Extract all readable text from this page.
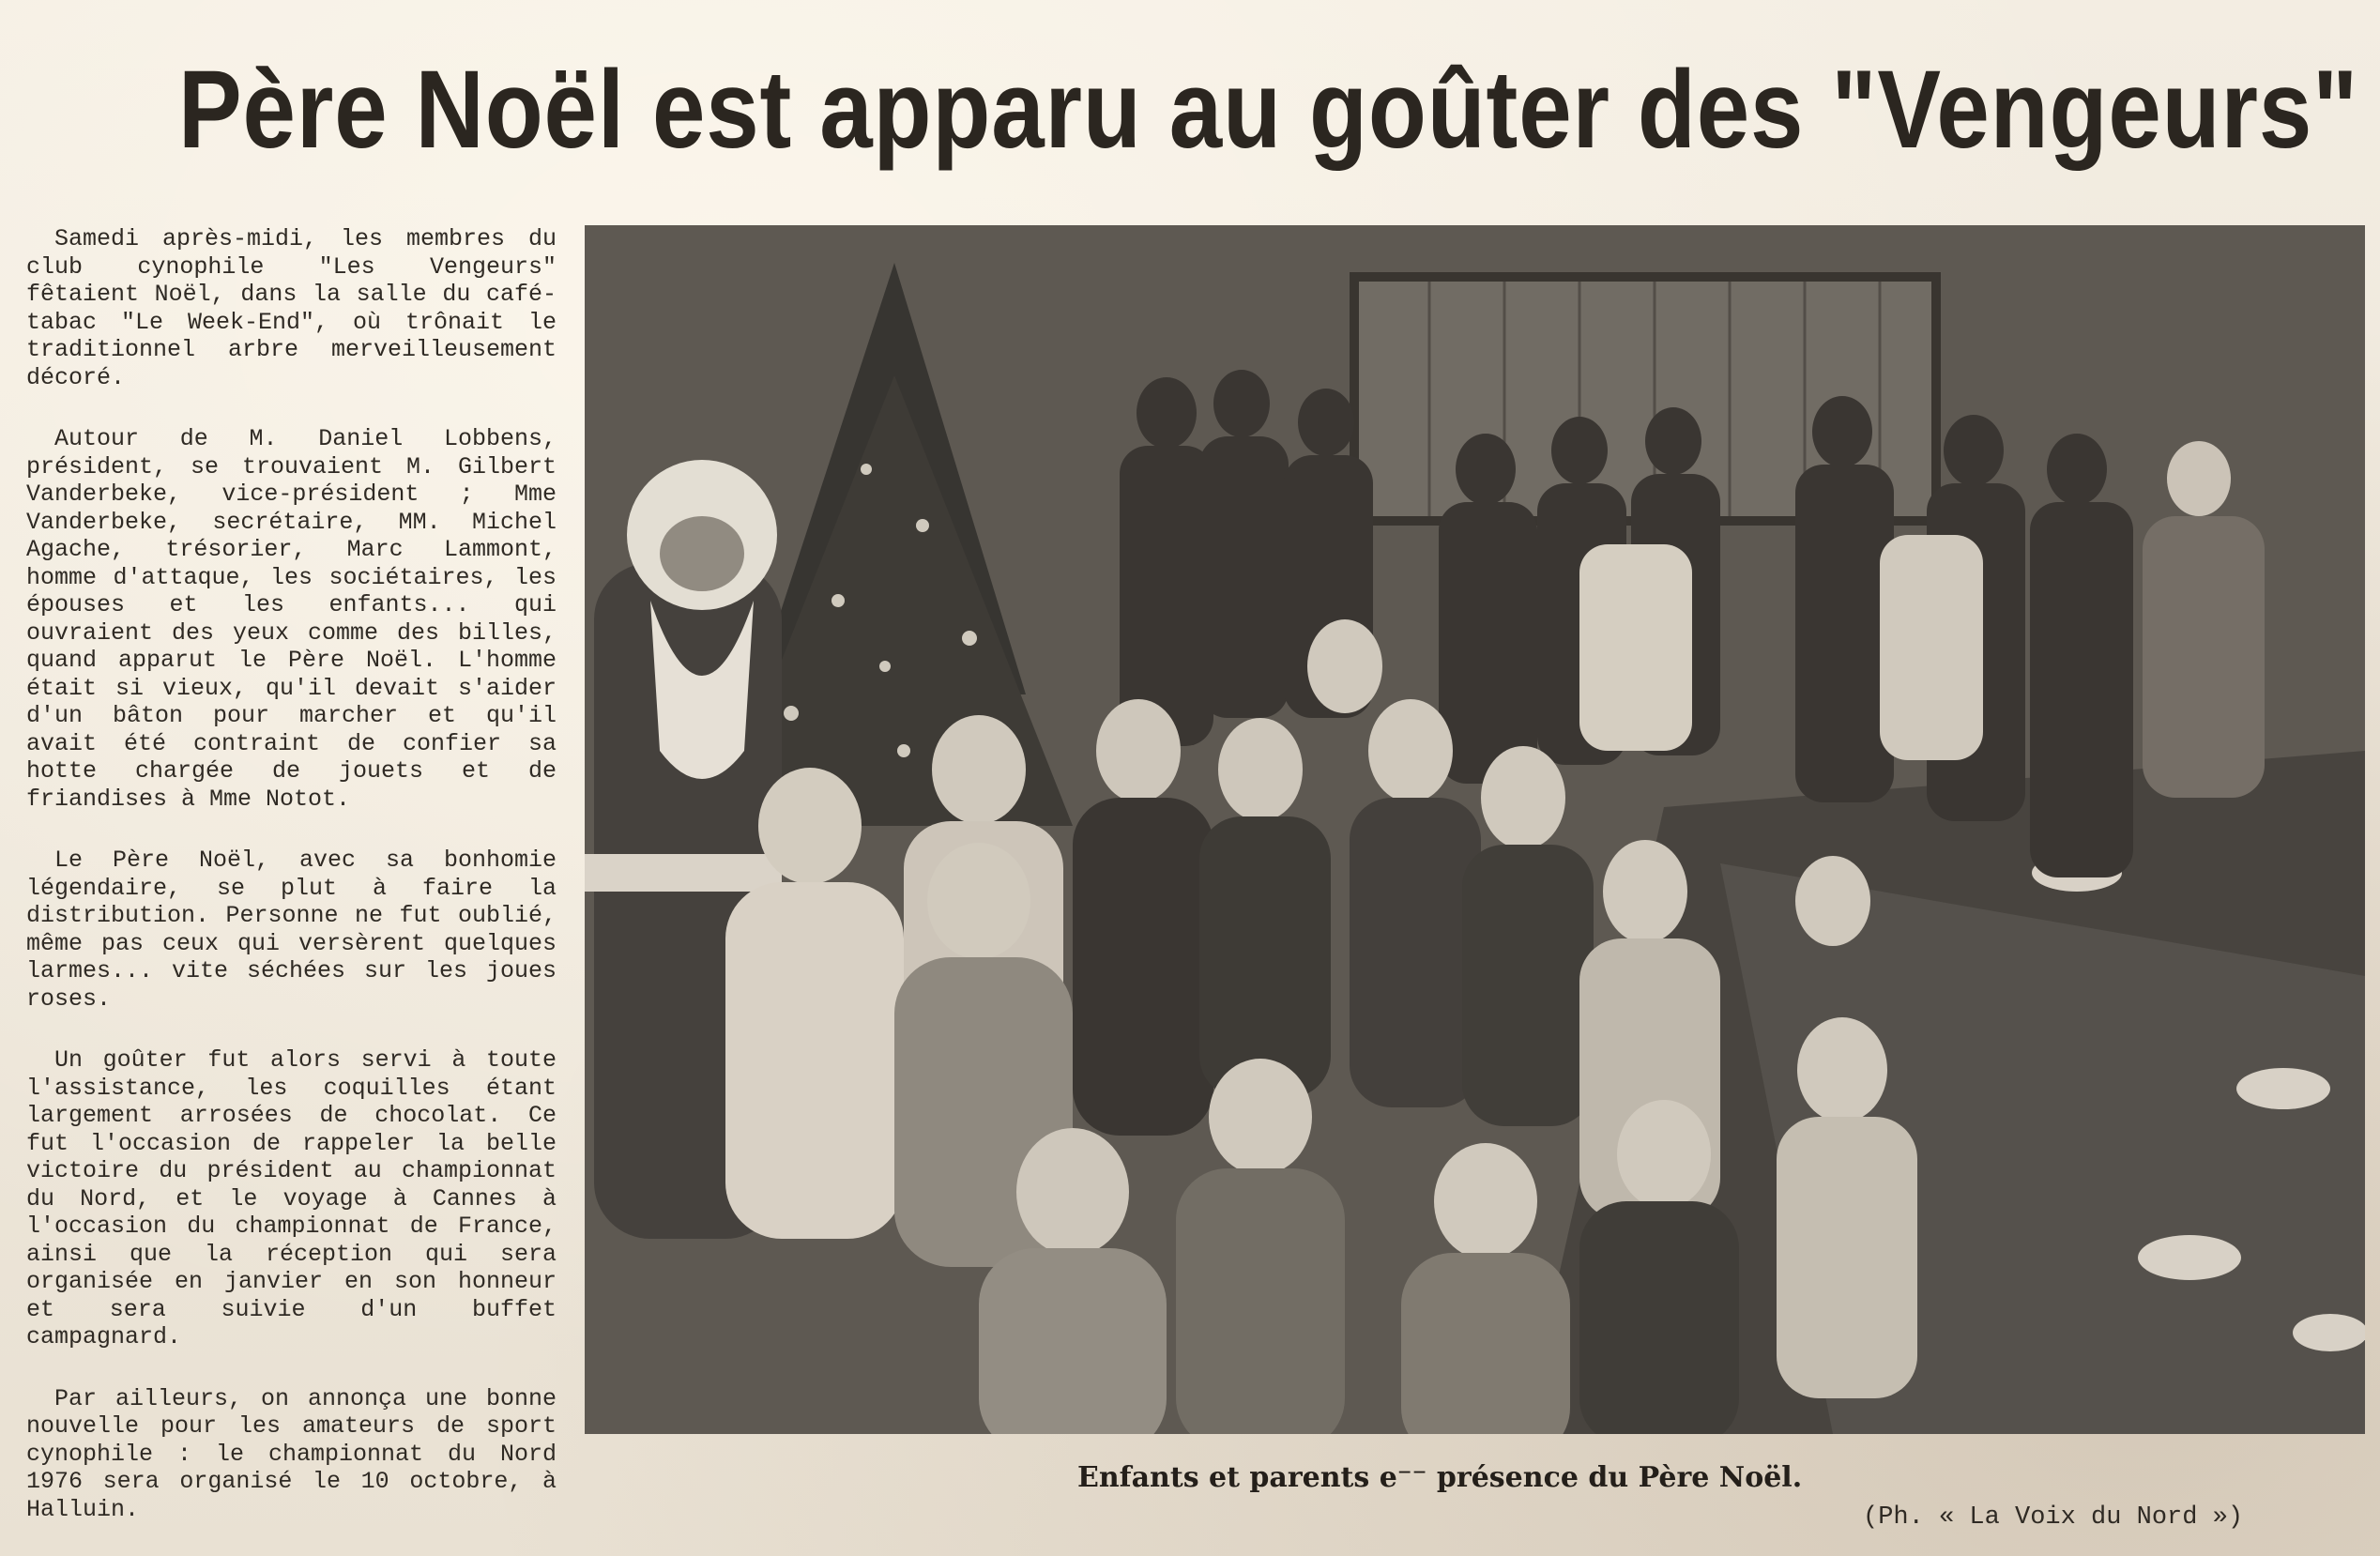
Père Noël est apparu au goûter des "Vengeurs"

Samedi après-midi, les membres du club cynophile "Les Vengeurs" fêtaient Noël, dans la salle du café-tabac "Le Week-End", où trônait le traditionnel arbre merveilleusement décoré.

Autour de M. Daniel Lobbens, président, se trouvaient M. Gilbert Vanderbeke, vice-président ; Mme Vanderbeke, secrétaire, MM. Michel Agache, trésorier, Marc Lammont, homme d'attaque, les sociétaires, les épouses et les enfants... qui ouvraient des yeux comme des billes, quand apparut le Père Noël. L'homme était si vieux, qu'il devait s'aider d'un bâton pour marcher et qu'il avait été contraint de confier sa hotte chargée de jouets et de friandises à Mme Notot.

Le Père Noël, avec sa bonhomie légendaire, se plut à faire la distribution. Personne ne fut oublié, même pas ceux qui versèrent quelques larmes... vite séchées sur les joues roses.

Un goûter fut alors servi à toute l'assistance, les coquilles étant largement arrosées de chocolat. Ce fut l'occasion de rappeler la belle victoire du président au championnat du Nord, et le voyage à Cannes à l'occasion du championnat de France, ainsi que la réception qui sera organisée en janvier en son honneur et sera suivie d'un buffet campagnard.

Par ailleurs, on annonça une bonne nouvelle pour les amateurs de sport cynophile : le championnat du Nord 1976 sera organisé le 10 octobre, à Halluin.

Enfants et parents e⁻⁻ présence du Père Noël.

(Ph. « La Voix du Nord »)
